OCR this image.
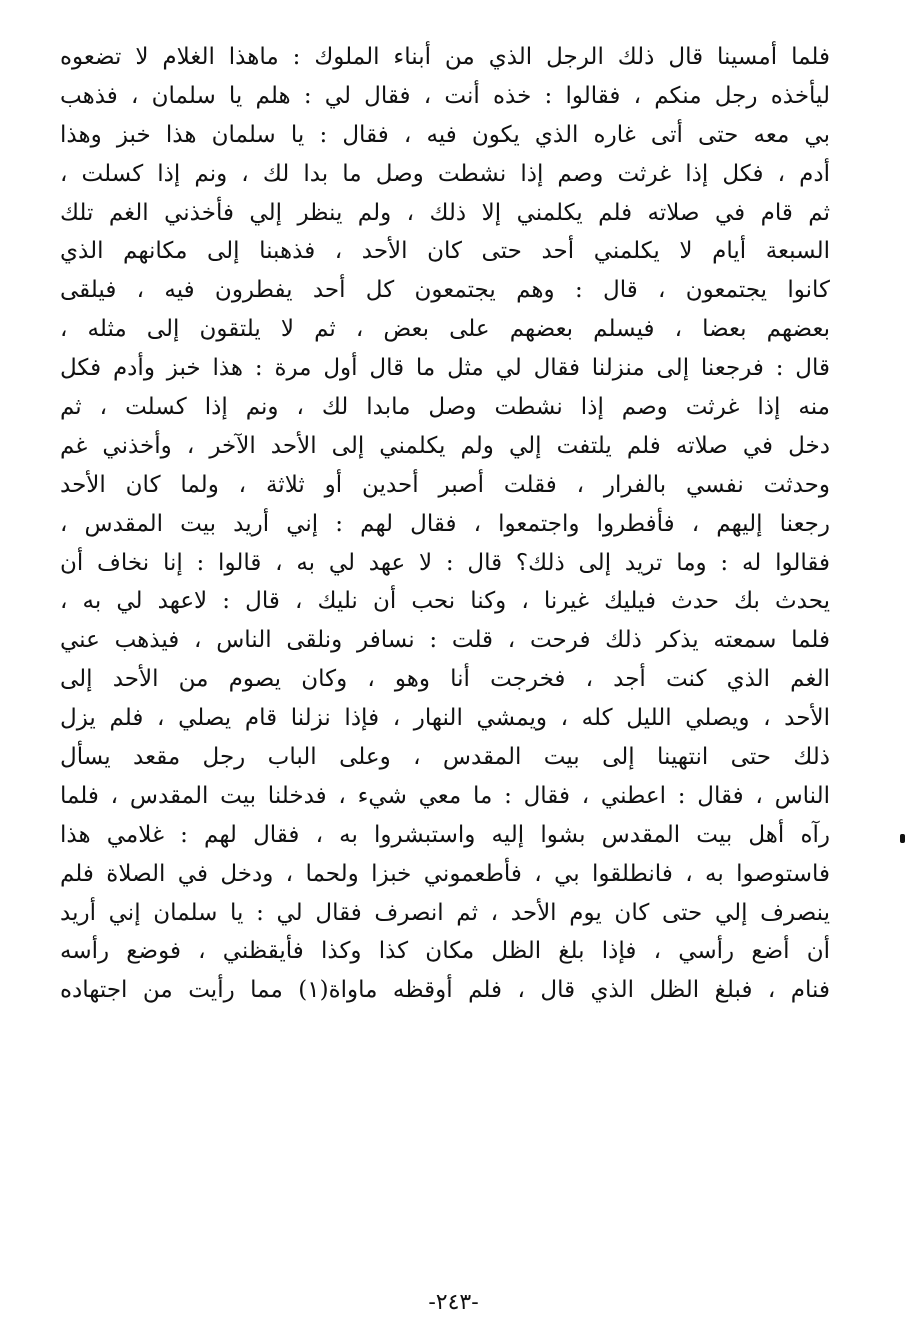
فلما أمسينا قال ذلك الرجل الذي من أبناء الملوك : ماهذا الغلام لا تضعوه
ليأخذه رجل منكم ، فقالوا : خذه أنت ، فقال لي : هلم يا سلمان ، فذهب
بي معه حتى أتى غاره الذي يكون فيه ، فقال : يا سلمان هذا خبز وهذا
أدم ، فكل إذا غرثت وصم إذا نشطت وصل ما بدا لك ، ونم إذا كسلت ،
ثم قام في صلاته فلم يكلمني إلا ذلك ، ولم ينظر إلي فأخذني الغم تلك
السبعة أيام لا يكلمني أحد حتى كان الأحد ، فذهبنا إلى مكانهم الذي
كانوا يجتمعون ، قال : وهم يجتمعون كل أحد يفطرون فيه ، فيلقى
بعضهم بعضا ، فيسلم بعضهم على بعض ، ثم لا يلتقون إلى مثله ،
قال : فرجعنا إلى منزلنا فقال لي مثل ما قال أول مرة : هذا خبز وأدم فكل
منه إذا غرثت وصم إذا نشطت وصل مابدا لك ، ونم إذا كسلت ، ثم
دخل في صلاته فلم يلتفت إلي ولم يكلمني إلى الأحد الآخر ، وأخذني غم
وحدثت نفسي بالفرار ، فقلت أصبر أحدين أو ثلاثة ، ولما كان الأحد
رجعنا إليهم ، فأفطروا واجتمعوا ، فقال لهم : إني أريد بيت المقدس ،
فقالوا له : وما تريد إلى ذلك؟ قال : لا عهد لي به ، قالوا : إنا نخاف أن
يحدث بك حدث فيليك غيرنا ، وكنا نحب أن نليك ، قال : لاعهد لي به ،
فلما سمعته يذكر ذلك فرحت ، قلت : نسافر ونلقى الناس ، فيذهب عني
الغم الذي كنت أجد ، فخرجت أنا وهو ، وكان يصوم من الأحد إلى
الأحد ، ويصلي الليل كله ، ويمشي النهار ، فإذا نزلنا قام يصلي ، فلم يزل
ذلك حتى انتهينا إلى بيت المقدس ، وعلى الباب رجل مقعد يسأل
الناس ، فقال : اعطني ، فقال : ما معي شيء ، فدخلنا بيت المقدس ، فلما
رآه أهل بيت المقدس بشوا إليه واستبشروا به ، فقال لهم : غلامي هذا
فاستوصوا به ، فانطلقوا بي ، فأطعموني خبزا ولحما ، ودخل في الصلاة فلم
ينصرف إلي حتى كان يوم الأحد ، ثم انصرف فقال لي : يا سلمان إني أريد
أن أضع رأسي ، فإذا بلغ الظل مكان كذا وكذا فأيقظني ، فوضع رأسه
فنام ، فبلغ الظل الذي قال ، فلم أوقظه ماواة(١) مما رأيت من اجتهاده
-٢٤٣-
